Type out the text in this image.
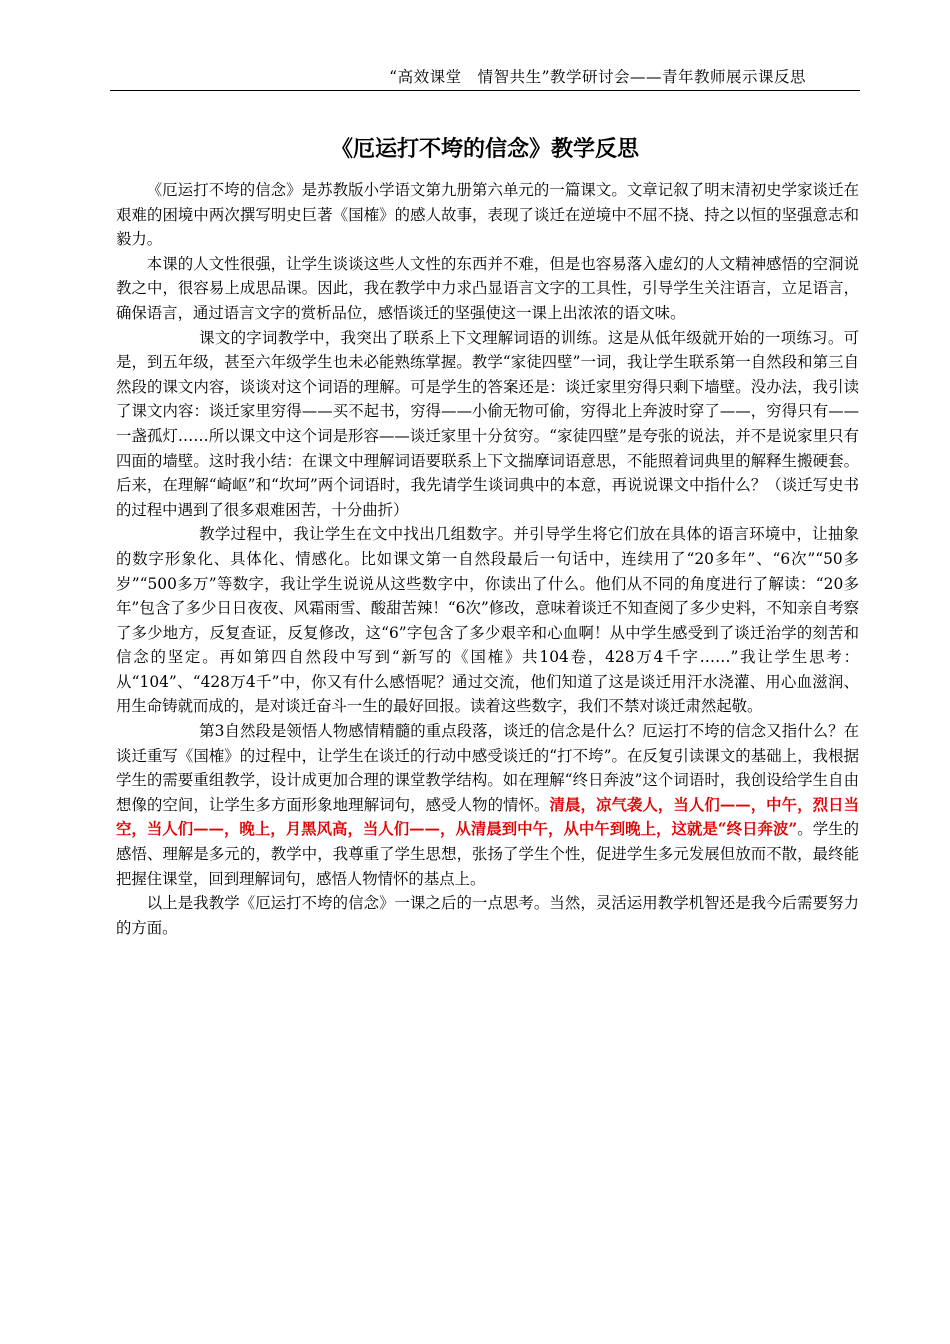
“高效课堂　情智共生”教学研讨会——青年教师展示课反思
《厄运打不垮的信念》教学反思

《厄运打不垮的信念》是苏教版小学语文第九册第六单元的一篇课文。文章记叙了明末清初史学家谈迁在艰难的困境中两次撰写明史巨著《国榷》的感人故事，表现了谈迁在逆境中不屈不挠、持之以恒的坚强意志和毅力。

本课的人文性很强，让学生谈谈这些人文性的东西并不难，但是也容易落入虚幻的人文精神感悟的空洞说教之中，很容易上成思品课。因此，我在教学中力求凸显语言文字的工具性，引导学生关注语言，立足语言，确保语言，通过语言文字的赏析品位，感悟谈迁的坚强使这一课上出浓浓的语文味。

课文的字词教学中，我突出了联系上下文理解词语的训练。这是从低年级就开始的一项练习。可是，到五年级，甚至六年级学生也未必能熟练掌握。教学“家徒四壁”一词，我让学生联系第一自然段和第三自然段的课文内容，谈谈对这个词语的理解。可是学生的答案还是：谈迁家里穷得只剩下墙壁。没办法，我引读了课文内容：谈迁家里穷得——买不起书，穷得——小偷无物可偷，穷得北上奔波时穿了——，穷得只有——一盏孤灯……所以课文中这个词是形容——谈迁家里十分贫穷。“家徒四壁”是夸张的说法，并不是说家里只有四面的墙壁。这时我小结：在课文中理解词语要联系上下文揣摩词语意思，不能照着词典里的解释生搬硬套。后来，在理解“崎岖”和“坎坷”两个词语时，我先请学生谈词典中的本意，再说说课文中指什么？（谈迁写史书的过程中遇到了很多艰难困苦，十分曲折）

教学过程中，我让学生在文中找出几组数字。并引导学生将它们放在具体的语言环境中，让抽象的数字形象化、具体化、情感化。比如课文第一自然段最后一句话中，连续用了“20多年”、“6次”“50多岁”“500多万”等数字，我让学生说说从这些数字中，你读出了什么。他们从不同的角度进行了解读：“20多年”包含了多少日日夜夜、风霜雨雪、酸甜苦辣！“6次”修改，意味着谈迁不知查阅了多少史料，不知亲自考察了多少地方，反复查证，反复修改，这“6”字包含了多少艰辛和心血啊！从中学生感受到了谈迁治学的刻苦和信念的坚定。再如第四自然段中写到“新写的《国榷》共104卷，428万4千字……”我让学生思考：从“104”、“428万4千”中，你又有什么感悟呢？通过交流，他们知道了这是谈迁用汗水浇灌、用心血滋润、用生命铸就而成的，是对谈迁奋斗一生的最好回报。读着这些数字，我们不禁对谈迁肃然起敬。

第3自然段是领悟人物感情精髓的重点段落，谈迁的信念是什么？厄运打不垮的信念又指什么？在谈迁重写《国榷》的过程中，让学生在谈迁的行动中感受谈迁的“打不垮”。在反复引读课文的基础上，我根据学生的需要重组教学，设计成更加合理的课堂教学结构。如在理解“终日奔波”这个词语时，我创设给学生自由想像的空间，让学生多方面形象地理解词句，感受人物的情怀。清晨，凉气袭人，当人们——，中午，烈日当空，当人们——，晚上，月黑风高，当人们——，从清晨到中午，从中午到晚上，这就是“终日奔波”。学生的感悟、理解是多元的，教学中，我尊重了学生思想，张扬了学生个性，促进学生多元发展但放而不散，最终能把握住课堂，回到理解词句，感悟人物情怀的基点上。

以上是我教学《厄运打不垮的信念》一课之后的一点思考。当然，灵活运用教学机智还是我今后需要努力的方面。
